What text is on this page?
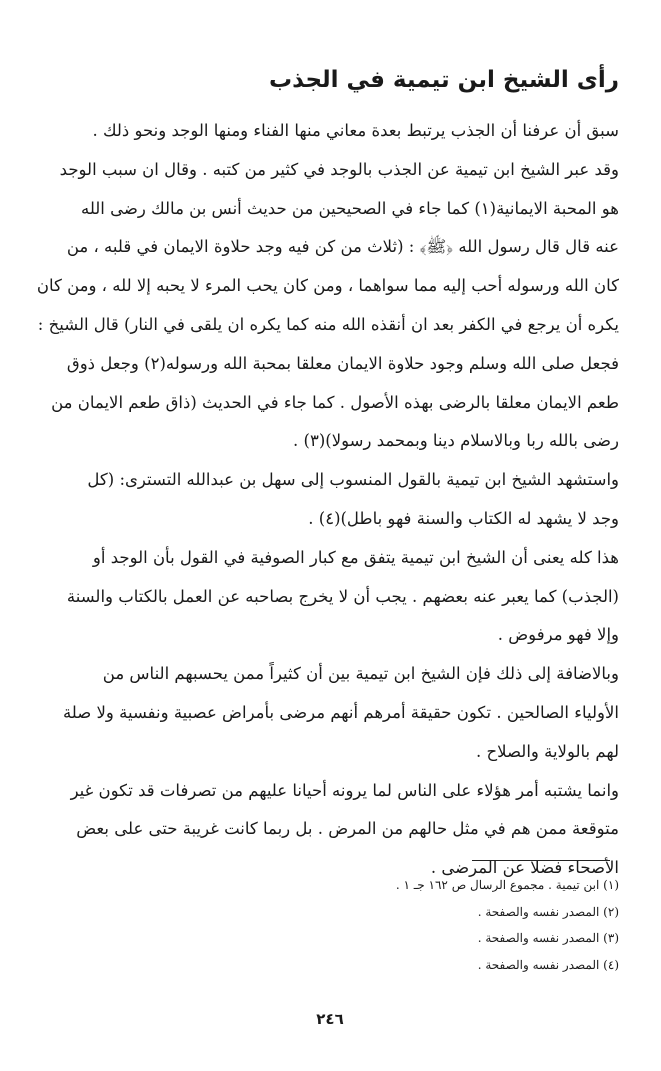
رأى الشيخ ابن تيمية في الجذب
سبق أن عرفنا أن الجذب يرتبط بعدة معاني منها الفناء ومنها الوجد ونحو ذلك .
وقد عبر الشيخ ابن تيمية عن الجذب بالوجد في كثير من كتبه . وقال ان سبب الوجد
هو المحبة الايمانية(١) كما جاء في الصحيحين من حديث أنس بن مالك رضى الله
عنه قال قال رسول الله ﴿ﷺ﴾ : (ثلاث من كن فيه وجد حلاوة الايمان في قلبه ، من
كان الله ورسوله أحب إليه مما سواهما ، ومن كان يحب المرء لا يحبه إلا لله ، ومن كان
يكره أن يرجع في الكفر بعد ان أنقذه الله منه كما يكره ان يلقى في النار) قال الشيخ :
فجعل صلى الله وسلم وجود حلاوة الايمان معلقا بمحبة الله ورسوله(٢) وجعل ذوق
طعم الايمان معلقا بالرضى بهذه الأصول . كما جاء في الحديث (ذاق طعم الايمان من
رضى بالله ربا وبالاسلام دينا وبمحمد رسولا)(٣) .
واستشهد الشيخ ابن تيمية بالقول المنسوب إلى سهل بن عبدالله التسترى: (كل
وجد لا يشهد له الكتاب والسنة فهو باطل)(٤) .
هذا كله يعنى أن الشيخ ابن تيمية يتفق مع كبار الصوفية في القول بأن الوجد أو
(الجذب) كما يعبر عنه بعضهم . يجب أن لا يخرج بصاحبه عن العمل بالكتاب والسنة
وإلا فهو مرفوض .
وبالاضافة إلى ذلك فإن الشيخ ابن تيمية بين أن كثيراً ممن يحسبهم الناس من
الأولياء الصالحين . تكون حقيقة أمرهم أنهم مرضى بأمراض عصبية ونفسية ولا صلة
لهم بالولاية والصلاح .
وانما يشتبه أمر هؤلاء على الناس لما يرونه أحيانا عليهم من تصرفات قد تكون غير
متوقعة ممن هم في مثل حالهم من المرض . بل ربما كانت غريبة حتى على بعض
الأصحاء فضلا عن المرضى .
(١) ابن تيمية . مجموع الرسال ص ١٦٢ جـ ١ .
(٢) المصدر نفسه والصفحة .
(٣) المصدر نفسه والصفحة .
(٤) المصدر نفسه والصفحة .
٢٤٦
